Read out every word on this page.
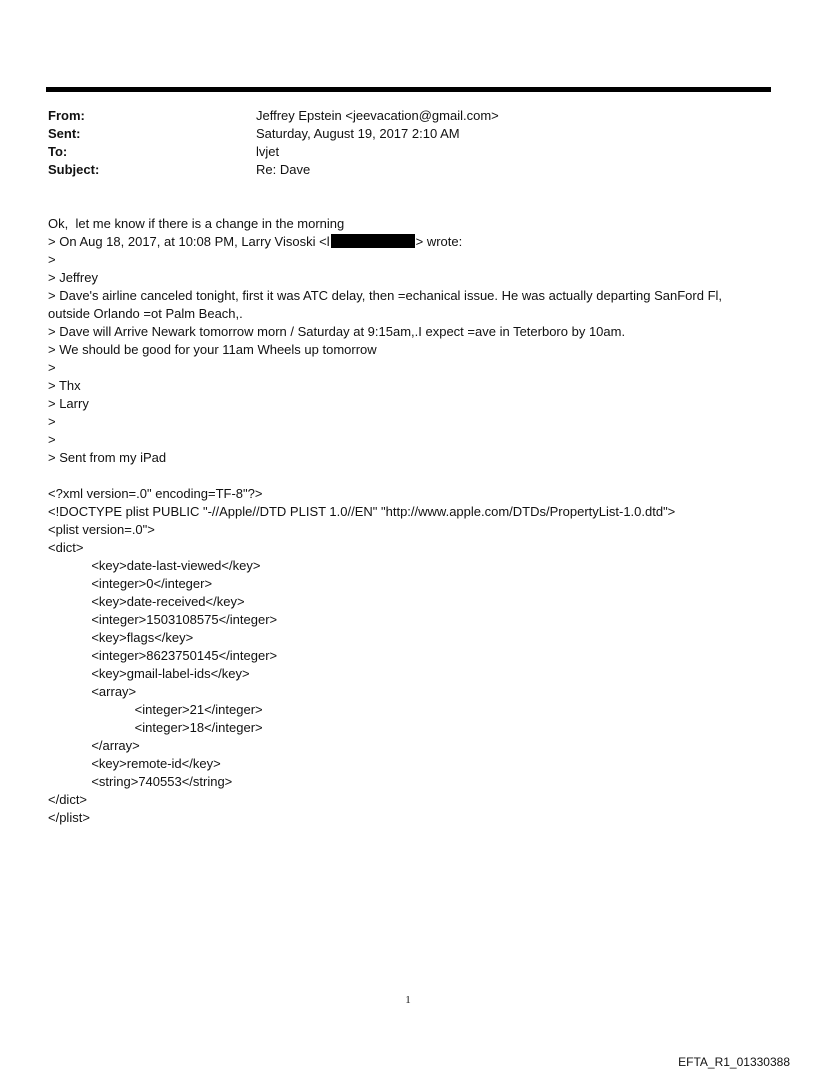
From:	Jeffrey Epstein <jeevacation@gmail.com>
Sent:	Saturday, August 19, 2017 2:10 AM
To:	lvjet
Subject:	Re: Dave
Ok,  let me know if there is a change in the morning
> On Aug 18, 2017, at 10:08 PM, Larry Visoski <l	> wrote:
>
> Jeffrey
> Dave's airline canceled tonight, first it was ATC delay, then =echanical issue. He was actually departing SanFord Fl,
outside Orlando =ot Palm Beach,.
> Dave will Arrive Newark tomorrow morn / Saturday at 9:15am,.I expect =ave in Teterboro by 10am.
> We should be good for your 11am Wheels up tomorrow
>
> Thx
> Larry
>
>
> Sent from my iPad
<?xml version=.0" encoding=TF-8"?>
<!DOCTYPE plist PUBLIC "-//Apple//DTD PLIST 1.0//EN" "http://www.apple.com/DTDs/PropertyList-1.0.dtd">
<plist version=.0">
<dict>
<key>date-last-viewed</key>
<integer>0</integer>
<key>date-received</key>
<integer>1503108575</integer>
<key>flags</key>
<integer>8623750145</integer>
<key>gmail-label-ids</key>
<array>
<integer>21</integer>
<integer>18</integer>
</array>
<key>remote-id</key>
<string>740553</string>
</dict>
</plist>
1
EFTA_R1_01330388
